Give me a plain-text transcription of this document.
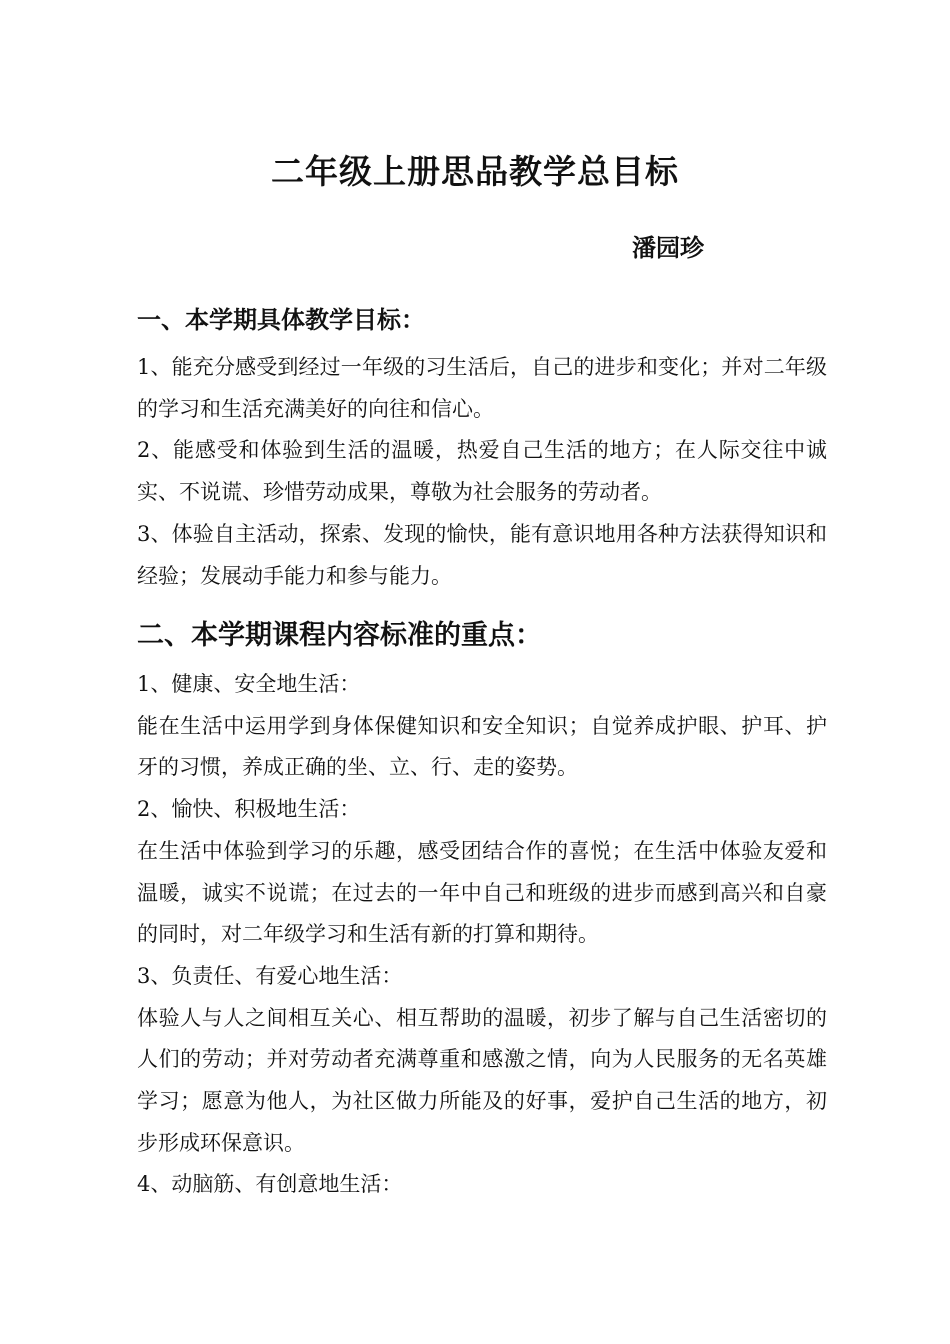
二年级上册思品教学总目标
潘园珍
一、本学期具体教学目标：

1、能充分感受到经过一年级的习生活后，自己的进步和变化；并对二年级的学习和生活充满美好的向往和信心。

2、能感受和体验到生活的温暖，热爱自己生活的地方；在人际交往中诚实、不说谎、珍惜劳动成果，尊敬为社会服务的劳动者。

3、体验自主活动，探索、发现的愉快，能有意识地用各种方法获得知识和经验；发展动手能力和参与能力。

二、本学期课程内容标准的重点：

1、健康、安全地生活：

能在生活中运用学到身体保健知识和安全知识；自觉养成护眼、护耳、护牙的习惯，养成正确的坐、立、行、走的姿势。

2、愉快、积极地生活：

在生活中体验到学习的乐趣，感受团结合作的喜悦；在生活中体验友爱和温暖，诚实不说谎；在过去的一年中自己和班级的进步而感到高兴和自豪的同时，对二年级学习和生活有新的打算和期待。

3、负责任、有爱心地生活：

体验人与人之间相互关心、相互帮助的温暖，初步了解与自己生活密切的人们的劳动；并对劳动者充满尊重和感激之情，向为人民服务的无名英雄学习；愿意为他人，为社区做力所能及的好事，爱护自己生活的地方，初步形成环保意识。

4、动脑筋、有创意地生活：
